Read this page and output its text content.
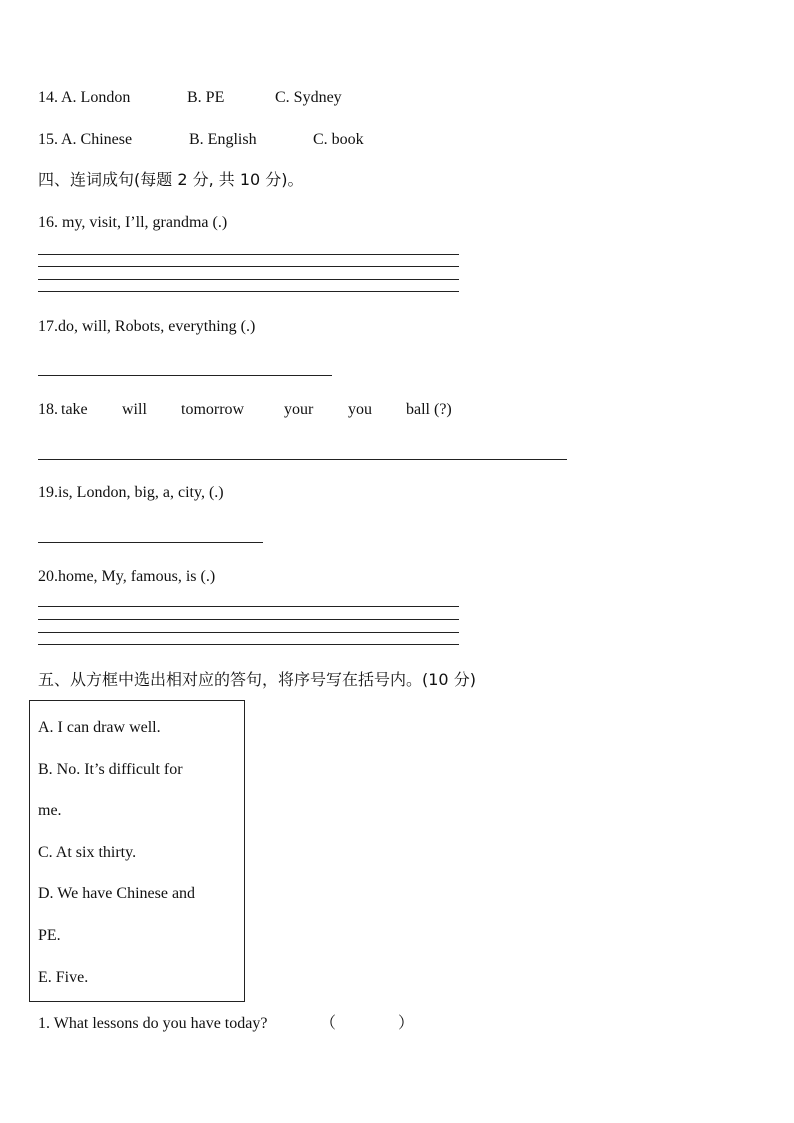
14. A. London	B. PE	C. Sydney
15. A. Chinese	B. English	C. book
四、连词成句(每题 2 分, 共 10 分)。
16. my, visit, I’ll, grandma (.)
17.do, will, Robots, everything (.)
18. take will tomorrow your you ball (?)
19.is, London, big, a, city, (.)
20.home, My, famous, is (.)
五、从方框中选出相对应的答句，将序号写在括号内。(10 分)
A. I can draw well.
B. No. It’s difficult for
me.
C. At six thirty.
D. We have Chinese and
PE.
E. Five.
1. What lessons do you have today?	（	）
